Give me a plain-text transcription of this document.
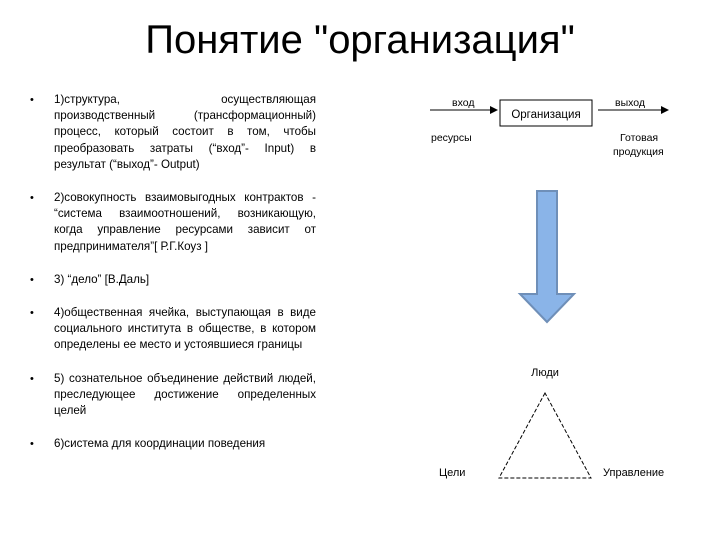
Понятие "организация"
• 1)структура, осуществляющая производственный (трансформационный) процесс, который состоит в том, чтобы преобразовать затраты (“вход”- Input) в результат (“выход”- Output)
• 2)совокупность взаимовыгодных контрактов - “система взаимоотношений, возникающую, когда управление ресурсами зависит от предпринимателя”[ Р.Г.Коуз ]
• 3) “дело” [В.Даль]
• 4)общественная ячейка, выступающая в виде социального института в обществе, в котором определены ее место и устоявшиеся границы
• 5) сознательное объединение действий людей, преследующее достижение определенных целей
• 6)система для координации поведения
вход
ресурсы
Организация
выход
Готовая
продукция
Люди
Цели	Управление
